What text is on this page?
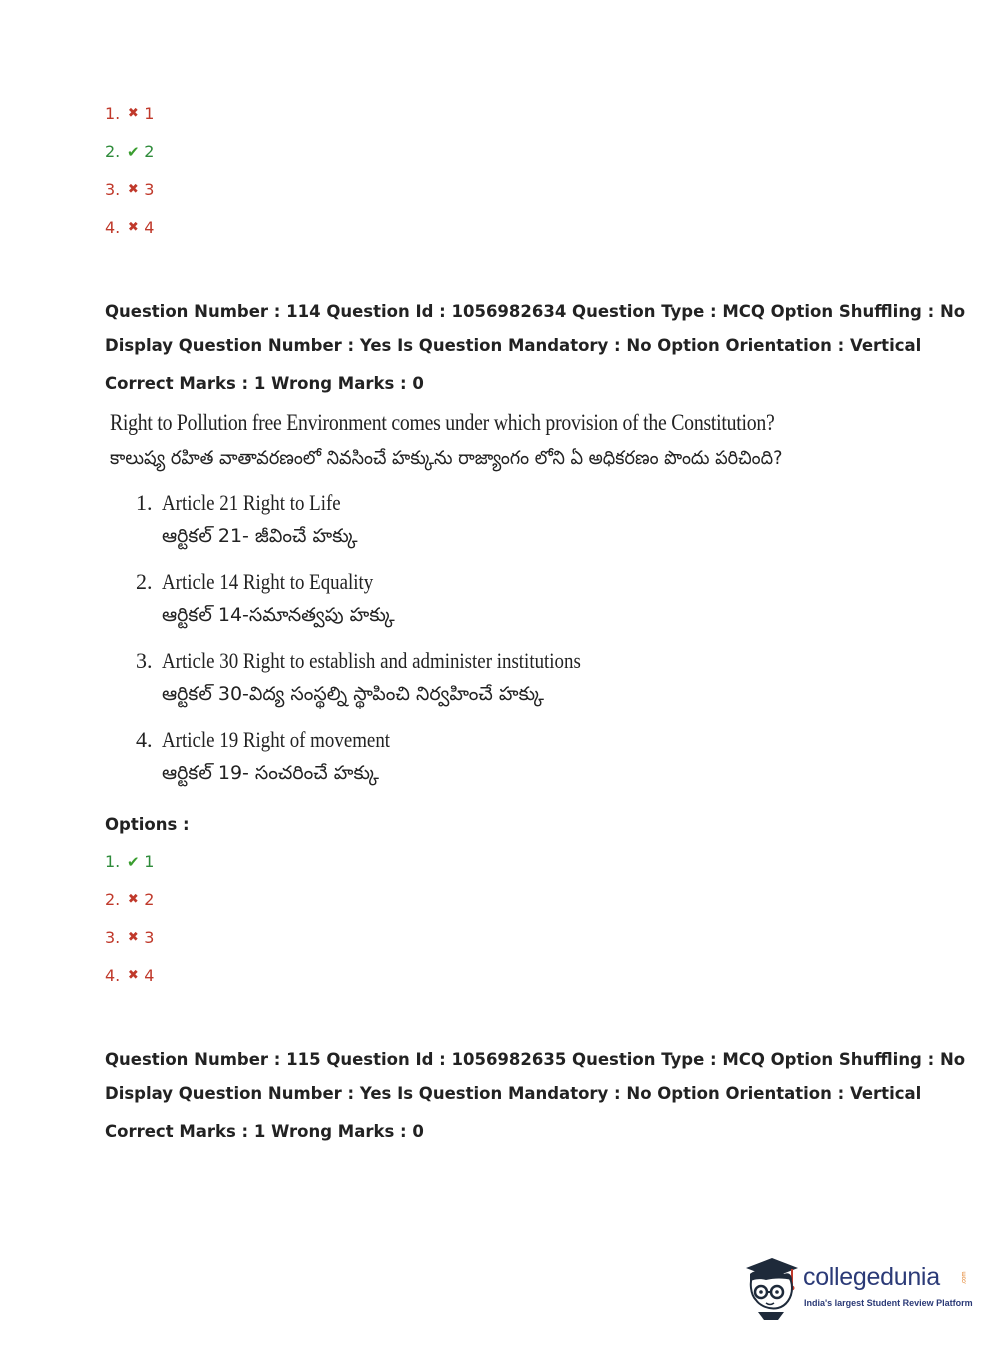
1. ✖ 1
2. ✔ 2
3. ✖ 3
4. ✖ 4
Question Number : 114 Question Id : 1056982634 Question Type : MCQ Option Shuffling : No
Display Question Number : Yes Is Question Mandatory : No Option Orientation : Vertical
Correct Marks : 1 Wrong Marks : 0
Right to Pollution free Environment comes under which provision of the Constitution?
కాలుష్య రహిత వాతావరణంలో నివసించే హక్కును రాజ్యాంగం లోని ఏ అధికరణం పొందు పరిచింది?
1. Article 21 Right to Life
ఆర్టికల్ 21- జీవించే హక్కు
2. Article 14 Right to Equality
ఆర్టికల్ 14-సమానత్వపు హక్కు
3. Article 30 Right to establish and administer institutions
ఆర్టికల్ 30-విద్య సంస్థల్ని స్థాపించి నిర్వహించే హక్కు
4. Article 19 Right of movement
ఆర్టికల్ 19- సంచరించే హక్కు
Options :
1. ✔ 1
2. ✖ 2
3. ✖ 3
4. ✖ 4
Question Number : 115 Question Id : 1056982635 Question Type : MCQ Option Shuffling : No
Display Question Number : Yes Is Question Mandatory : No Option Orientation : Vertical
Correct Marks : 1 Wrong Marks : 0
collegedunia	.com
India's largest Student Review Platform
